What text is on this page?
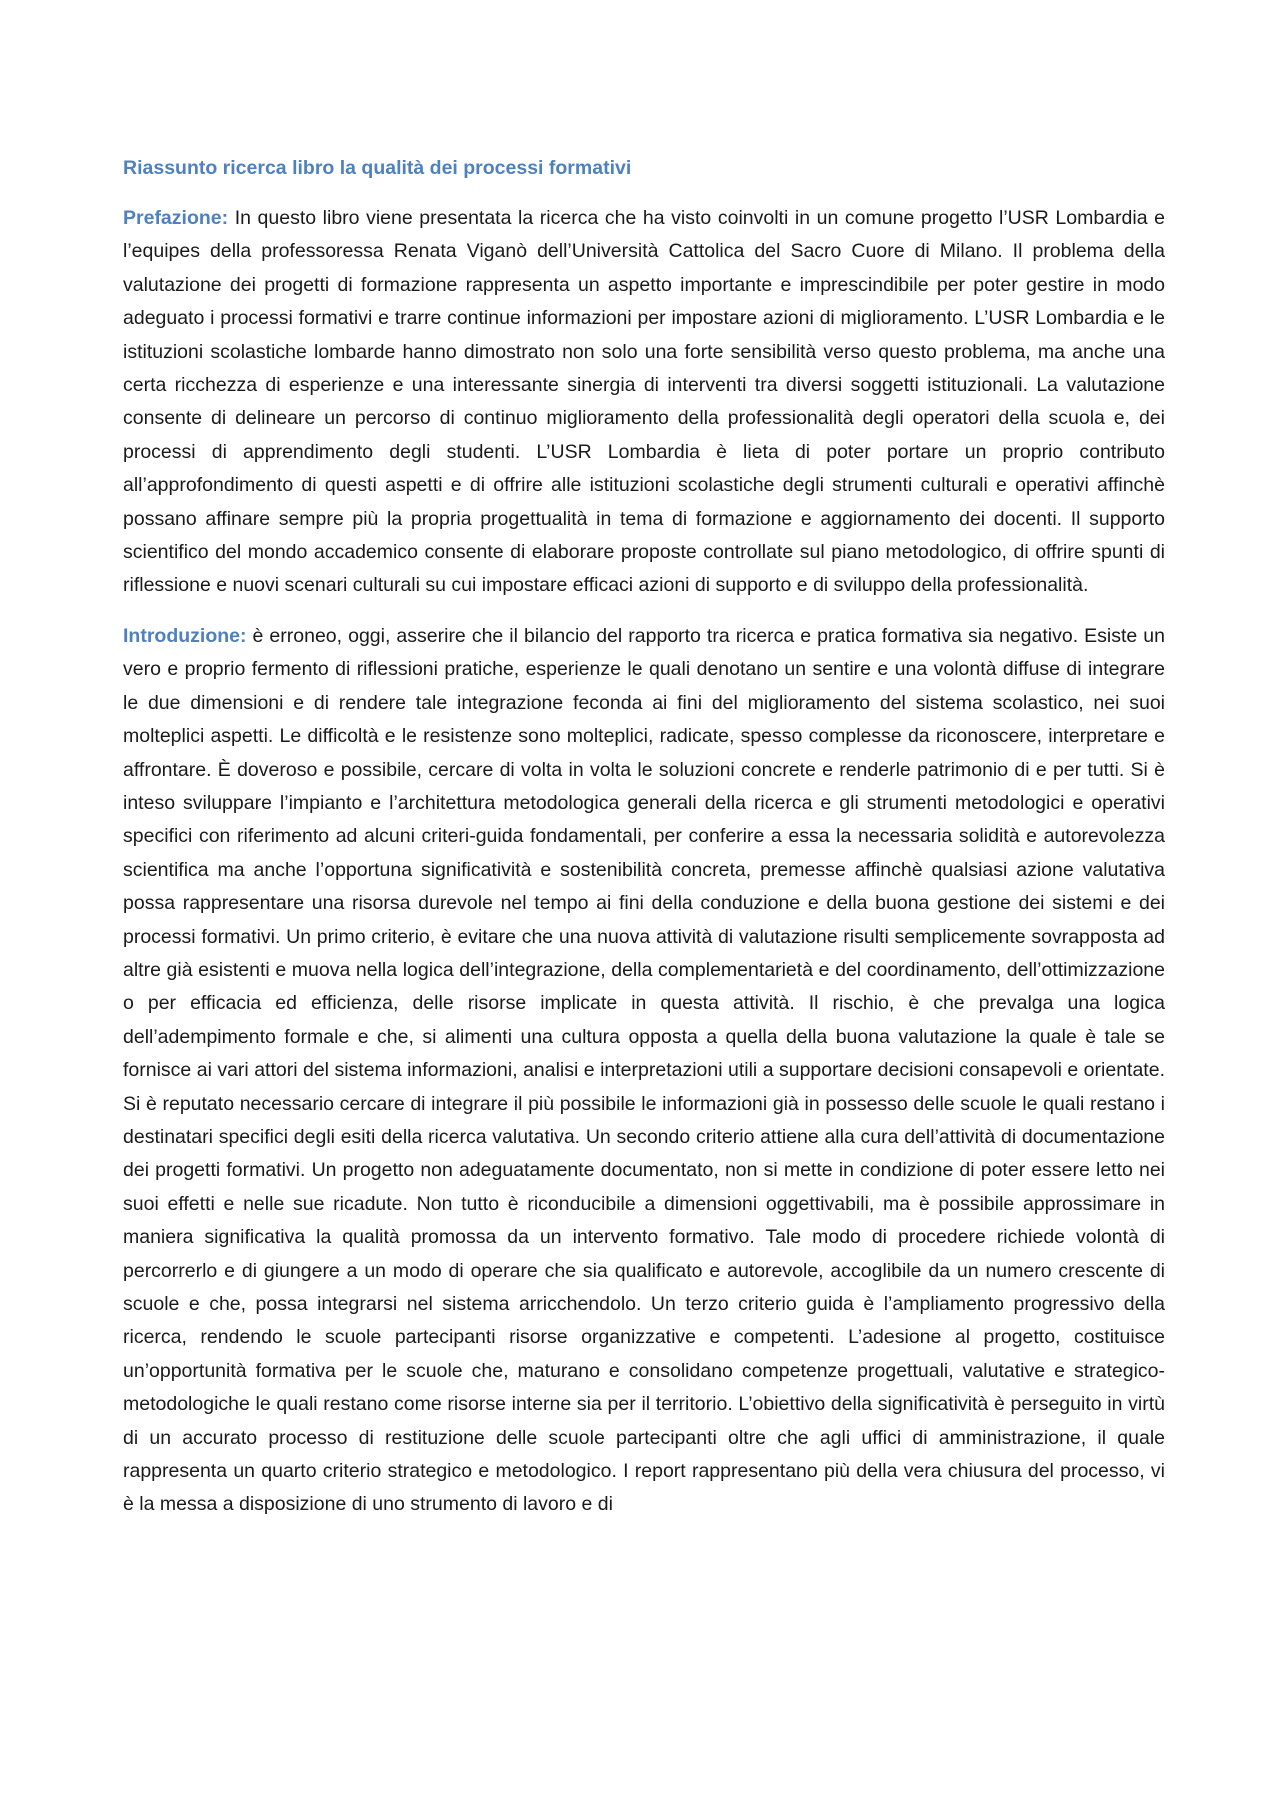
Riassunto ricerca libro la qualità dei processi formativi

Prefazione: In questo libro viene presentata la ricerca che ha visto coinvolti in un comune progetto l’USR Lombardia e l’equipes della professoressa Renata Viganò dell’Università Cattolica del Sacro Cuore di Milano. Il problema della valutazione dei progetti di formazione rappresenta un aspetto importante e imprescindibile per poter gestire in modo adeguato i processi formativi e trarre continue informazioni per impostare azioni di miglioramento. L’USR Lombardia e le istituzioni scolastiche lombarde hanno dimostrato non solo una forte sensibilità verso questo problema, ma anche una certa ricchezza di esperienze e una interessante sinergia di interventi tra diversi soggetti istituzionali. La valutazione consente di delineare un percorso di continuo miglioramento della professionalità degli operatori della scuola e, dei processi di apprendimento degli studenti. L’USR Lombardia è lieta di poter portare un proprio contributo all’approfondimento di questi aspetti e di offrire alle istituzioni scolastiche degli strumenti culturali e operativi affinchè possano affinare sempre più la propria progettualità in tema di formazione e aggiornamento dei docenti. Il supporto scientifico del mondo accademico consente di elaborare proposte controllate sul piano metodologico, di offrire spunti di riflessione e nuovi scenari culturali su cui impostare efficaci azioni di supporto e di sviluppo della professionalità.

Introduzione: è erroneo, oggi, asserire che il bilancio del rapporto tra ricerca e pratica formativa sia negativo. Esiste un vero e proprio fermento di riflessioni pratiche, esperienze le quali denotano un sentire e una volontà diffuse di integrare le due dimensioni e di rendere tale integrazione feconda ai fini del miglioramento del sistema scolastico, nei suoi molteplici aspetti. Le difficoltà e le resistenze sono molteplici, radicate, spesso complesse da riconoscere, interpretare e affrontare. È doveroso e possibile, cercare di volta in volta le soluzioni concrete e renderle patrimonio di e per tutti. Si è inteso sviluppare l’impianto e l’architettura metodologica generali della ricerca e gli strumenti metodologici e operativi specifici con riferimento ad alcuni criteri-guida fondamentali, per conferire a essa la necessaria solidità e autorevolezza scientifica ma anche l’opportuna significatività e sostenibilità concreta, premesse affinchè qualsiasi azione valutativa possa rappresentare una risorsa durevole nel tempo ai fini della conduzione e della buona gestione dei sistemi e dei processi formativi. Un primo criterio, è evitare che una nuova attività di valutazione risulti semplicemente sovrapposta ad altre già esistenti e muova nella logica dell’integrazione, della complementarietà e del coordinamento, dell’ottimizzazione o per efficacia ed efficienza, delle risorse implicate in questa attività. Il rischio, è che prevalga una logica dell’adempimento formale e che, si alimenti una cultura opposta a quella della buona valutazione la quale è tale se fornisce ai vari attori del sistema informazioni, analisi e interpretazioni utili a supportare decisioni consapevoli e orientate. Si è reputato necessario cercare di integrare il più possibile le informazioni già in possesso delle scuole le quali restano i destinatari specifici degli esiti della ricerca valutativa. Un secondo criterio attiene alla cura dell’attività di documentazione dei progetti formativi. Un progetto non adeguatamente documentato, non si mette in condizione di poter essere letto nei suoi effetti e nelle sue ricadute. Non tutto è riconducibile a dimensioni oggettivabili, ma è possibile approssimare in maniera significativa la qualità promossa da un intervento formativo. Tale modo di procedere richiede volontà di percorrerlo e di giungere a un modo di operare che sia qualificato e autorevole, accoglibile da un numero crescente di scuole e che, possa integrarsi nel sistema arricchendolo. Un terzo criterio guida è l’ampliamento progressivo della ricerca, rendendo le scuole partecipanti risorse organizzative e competenti. L’adesione al progetto, costituisce un’opportunità formativa per le scuole che, maturano e consolidano competenze progettuali, valutative e strategico-metodologiche le quali restano come risorse interne sia per il territorio. L’obiettivo della significatività è perseguito in virtù di un accurato processo di restituzione delle scuole partecipanti oltre che agli uffici di amministrazione, il quale rappresenta un quarto criterio strategico e metodologico. I report rappresentano più della vera chiusura del processo, vi è la messa a disposizione di uno strumento di lavoro e di
